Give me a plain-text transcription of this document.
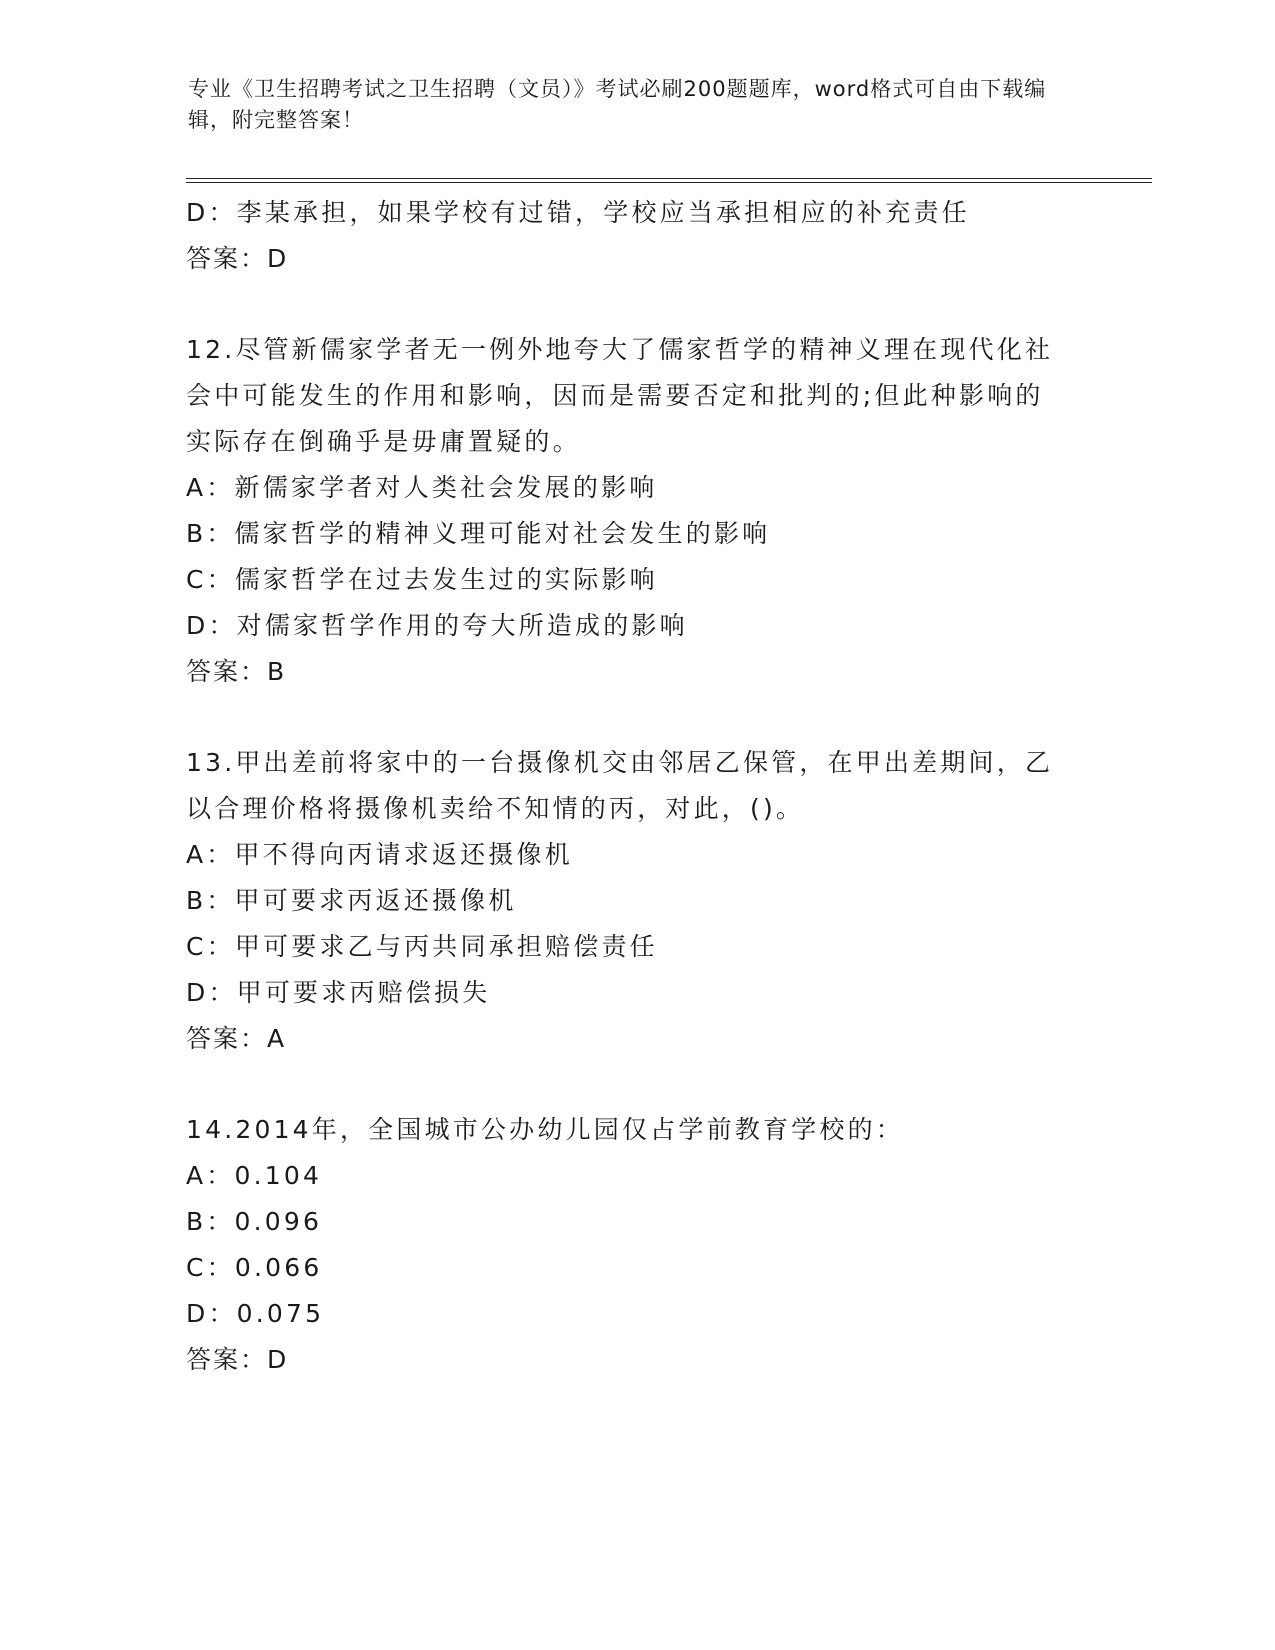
专业《卫生招聘考试之卫生招聘（文员）》考试必刷200题题库，word格式可自由下载编辑，附完整答案！
D：李某承担，如果学校有过错，学校应当承担相应的补充责任
答案：D
12.尽管新儒家学者无一例外地夸大了儒家哲学的精神义理在现代化社
会中可能发生的作用和影响，因而是需要否定和批判的;但此种影响的
实际存在倒确乎是毋庸置疑的。
A：新儒家学者对人类社会发展的影响
B：儒家哲学的精神义理可能对社会发生的影响
C：儒家哲学在过去发生过的实际影响
D：对儒家哲学作用的夸大所造成的影响
答案：B
13.甲出差前将家中的一台摄像机交由邻居乙保管，在甲出差期间，乙
以合理价格将摄像机卖给不知情的丙，对此，()。
A：甲不得向丙请求返还摄像机
B：甲可要求丙返还摄像机
C：甲可要求乙与丙共同承担赔偿责任
D：甲可要求丙赔偿损失
答案：A
14.2014年，全国城市公办幼儿园仅占学前教育学校的：
A：0.104
B：0.096
C：0.066
D：0.075
答案：D
